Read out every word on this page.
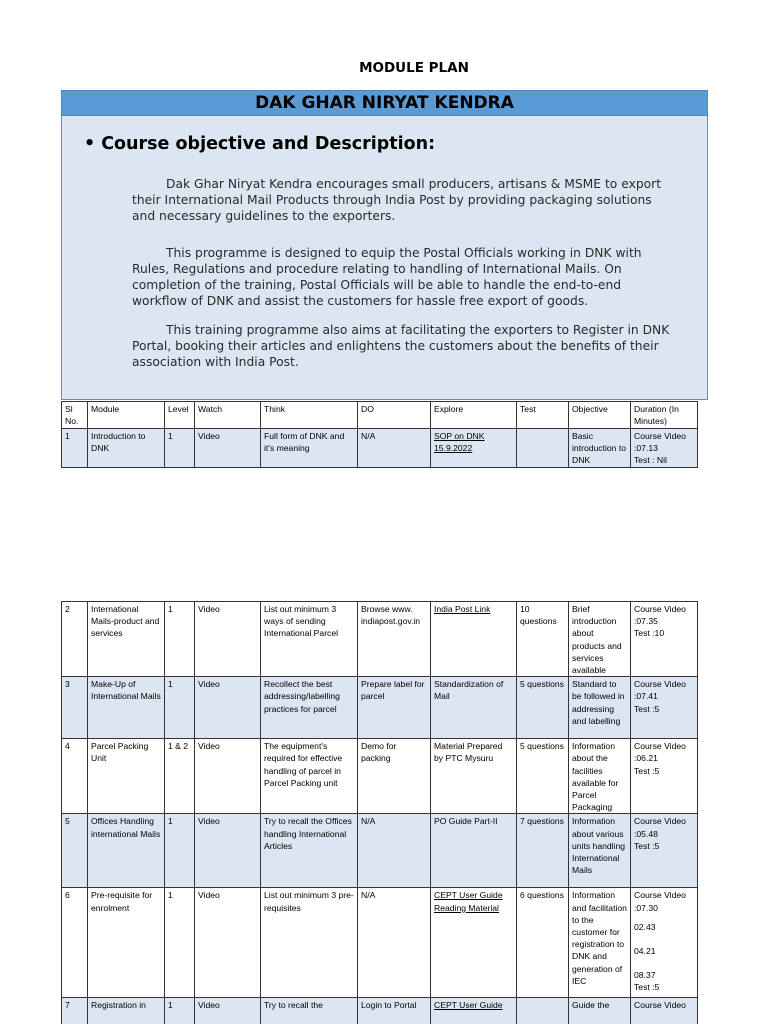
MODULE PLAN
DAK GHAR NIRYAT KENDRA
• Course objective and Description:

Dak Ghar Niryat Kendra encourages small producers, artisans & MSME to export
their International Mail Products through India Post by providing packaging solutions
and necessary guidelines to the exporters.

This programme is designed to equip the Postal Officials working in DNK with
Rules, Regulations and procedure relating to handling of International Mails. On
completion of the training, Postal Officials will be able to handle the end-to-end
workflow of DNK and assist the customers for hassle free export of goods.

This training programme also aims at facilitating the exporters to Register in DNK
Portal, booking their articles and enlightens the customers about the benefits of their
association with India Post.

Sl No.	Module	Level	Watch	Think	DO	Explore	Test	Objective	Duration (In Minutes)
1	Introduction to DNK	1	Video	Full form of DNK and it's meaning	N/A	SOP on DNK 15.9.2022		Basic introduction to DNK	Course Video :07.13
Test : Nil
2	International Mails-product and services	1	Video	List out minimum 3 ways of sending International Parcel	Browse www. indiapost.gov.in	India Post Link	10 questions	Brief introduction about products and services available	Course Video :07.35
Test :10

3	Make-Up of International Mails	1	Video	Recollect the best addressing/labelling practices for parcel	Prepare label for parcel	Standardization of Mail	5 questions	Standard to be followed in addressing and labelling	Course Video :07.41
Test :5

4	Parcel Packing Unit	1 & 2	Video	The equipment's required for effective handling of parcel in Parcel Packing unit	Demo for packing	Material Prepared by PTC Mysuru	5 questions	Information about the facilities available for Parcel Packaging	Course Video :06.21
Test :5

5	Offices Handling international Mails	1	Video	Try to recall the Offices handling International Articles	N/A	PO Guide Part-II	7 questions	Information about various units handling International Mails	Course Video :05.48
Test :5

6	Pre-requisite for enrolment	1	Video	List out minimum 3 pre-requisites	N/A	CEPT User Guide Reading Material	6 questions	Information and facilitation to the customer for registration to DNK and generation of IEC	Course Video :07.30
02.43
04.21
08.37
Test :5

7	Registration in	1	Video	Try to recall the	Login to Portal	CEPT User Guide		Guide the	Course Video
